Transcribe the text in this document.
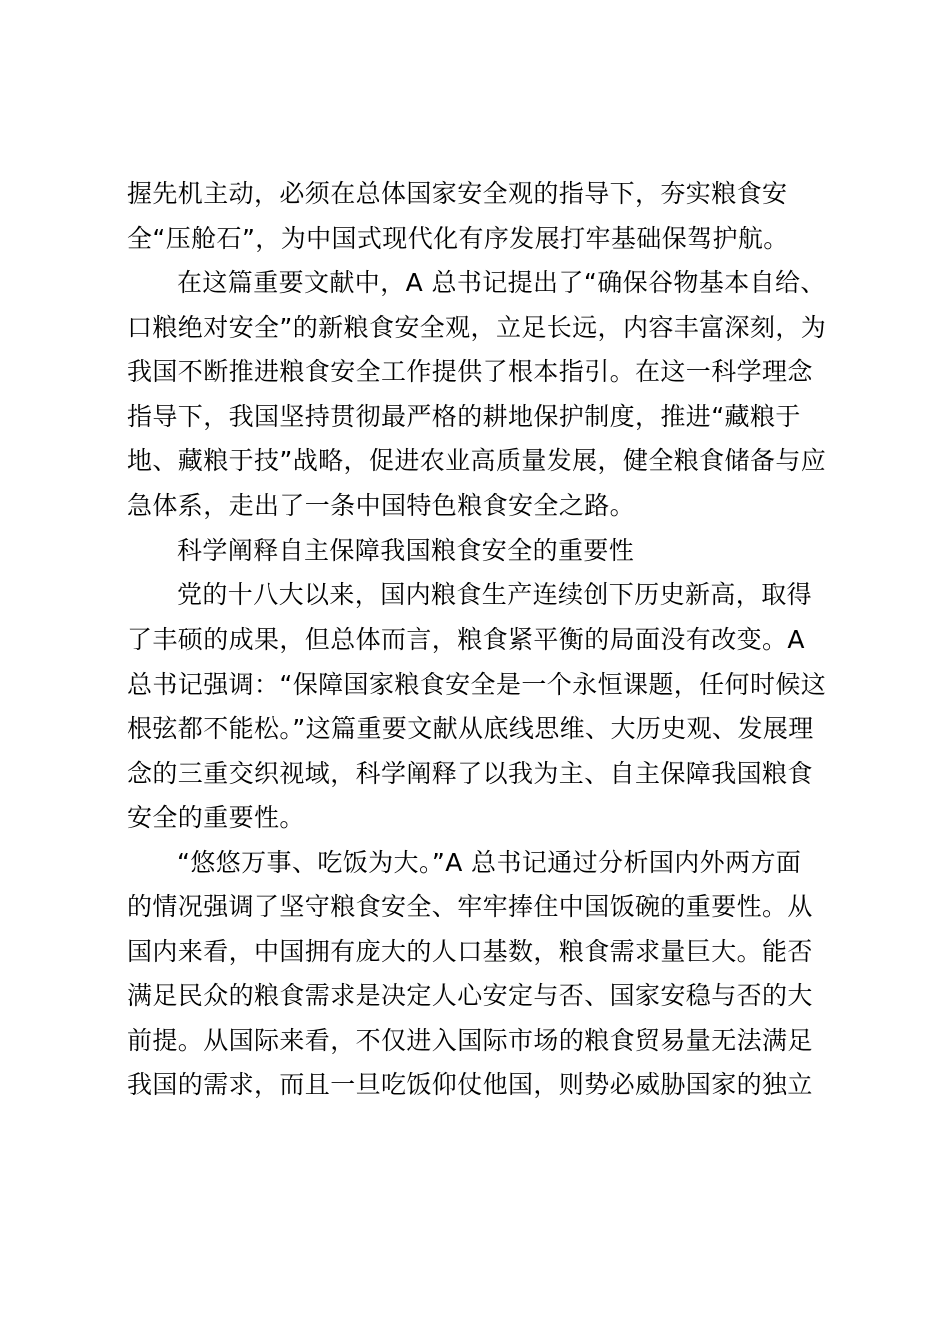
握先机主动，必须在总体国家安全观的指导下，夯实粮食安
全“压舱石”，为中国式现代化有序发展打牢基础保驾护航。
在这篇重要文献中，A 总书记提出了“确保谷物基本自给、
口粮绝对安全”的新粮食安全观，立足长远，内容丰富深刻，为
我国不断推进粮食安全工作提供了根本指引。在这一科学理念
指导下，我国坚持贯彻最严格的耕地保护制度，推进“藏粮于
地、藏粮于技”战略，促进农业高质量发展，健全粮食储备与应
急体系，走出了一条中国特色粮食安全之路。
科学阐释自主保障我国粮食安全的重要性
党的十八大以来，国内粮食生产连续创下历史新高，取得
了丰硕的成果，但总体而言，粮食紧平衡的局面没有改变。A
总书记强调：“保障国家粮食安全是一个永恒课题，任何时候这
根弦都不能松。”这篇重要文献从底线思维、大历史观、发展理
念的三重交织视域，科学阐释了以我为主、自主保障我国粮食
安全的重要性。
“悠悠万事、吃饭为大。”A 总书记通过分析国内外两方面
的情况强调了坚守粮食安全、牢牢捧住中国饭碗的重要性。从
国内来看，中国拥有庞大的人口基数，粮食需求量巨大。能否
满足民众的粮食需求是决定人心安定与否、国家安稳与否的大
前提。从国际来看，不仅进入国际市场的粮食贸易量无法满足
我国的需求，而且一旦吃饭仰仗他国，则势必威胁国家的独立
